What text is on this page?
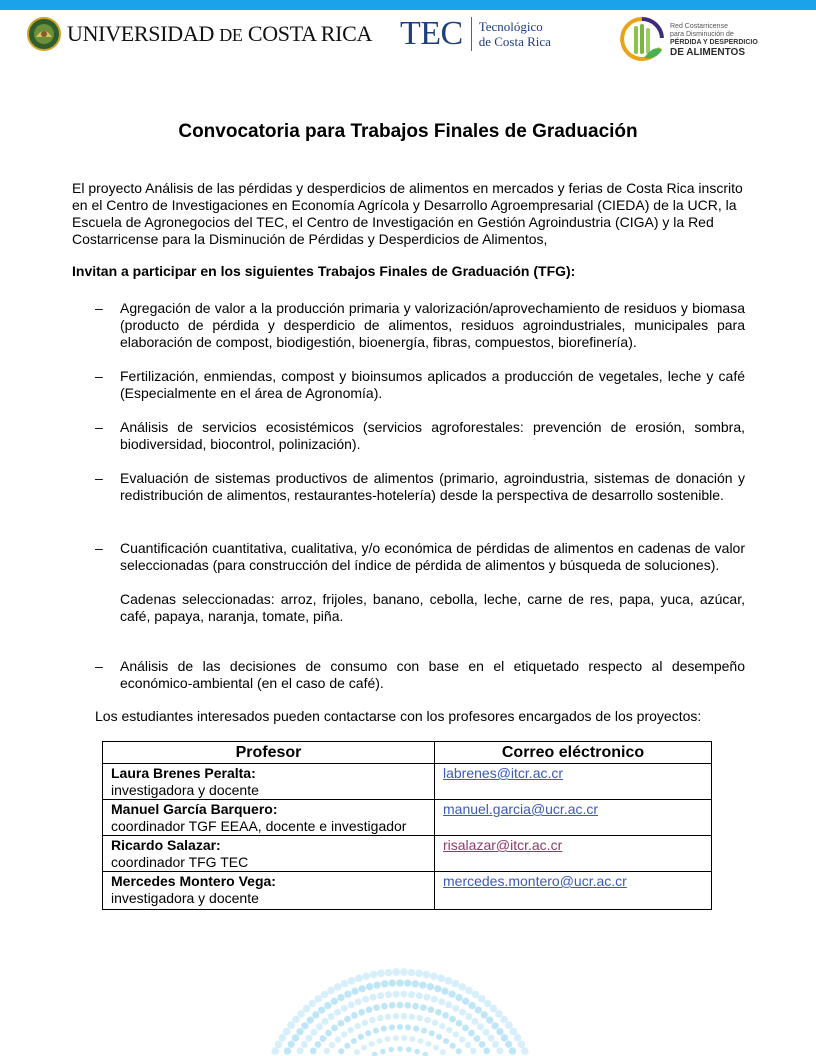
UNIVERSIDAD DE COSTA RICA TEC Tecnológico
de Costa Rica
Red Costarricense
para Disminución de
PÉRDIDA Y DESPERDICIO
DE ALIMENTOS
Convocatoria para Trabajos Finales de Graduación

El proyecto Análisis de las pérdidas y desperdicios de alimentos en mercados y ferias de Costa Rica inscrito en el Centro de Investigaciones en Economía Agrícola y Desarrollo Agroempresarial (CIEDA) de la UCR, la Escuela de Agronegocios del TEC, el Centro de Investigación en Gestión Agroindustria (CIGA) y la Red Costarricense para la Disminución de Pérdidas y Desperdicios de Alimentos,

Invitan a participar en los siguientes Trabajos Finales de Graduación (TFG):

– Agregación de valor a la producción primaria y valorización/aprovechamiento de residuos y biomasa (producto de pérdida y desperdicio de alimentos, residuos agroindustriales, municipales para elaboración de compost, biodigestión, bioenergía, fibras, compuestos, biorefinería).
– Fertilización, enmiendas, compost y bioinsumos aplicados a producción de vegetales, leche y café (Especialmente en el área de Agronomía).
– Análisis de servicios ecosistémicos (servicios agroforestales: prevención de erosión, sombra, biodiversidad, biocontrol, polinización).
– Evaluación de sistemas productivos de alimentos (primario, agroindustria, sistemas de donación y redistribución de alimentos, restaurantes-hotelería) desde la perspectiva de desarrollo sostenible.
– Cuantificación cuantitativa, cualitativa, y/o económica de pérdidas de alimentos en cadenas de valor seleccionadas (para construcción del índice de pérdida de alimentos y búsqueda de soluciones).
Cadenas seleccionadas: arroz, frijoles, banano, cebolla, leche, carne de res, papa, yuca, azúcar, café, papaya, naranja, tomate, piña.
– Análisis de las decisiones de consumo con base en el etiquetado respecto al desempeño económico-ambiental (en el caso de café).

Los estudiantes interesados pueden contactarse con los profesores encargados de los proyectos:

Profesor	Correo eléctronico

Laura Brenes Peralta:
investigadora y docente	labrenes@itcr.ac.cr

Manuel García Barquero:
coordinador TGF EEAA, docente e investigador	manuel.garcia@ucr.ac.cr

Ricardo Salazar:
coordinador TFG TEC	risalazar@itcr.ac.cr

Mercedes Montero Vega:
investigadora y docente	mercedes.montero@ucr.ac.cr
